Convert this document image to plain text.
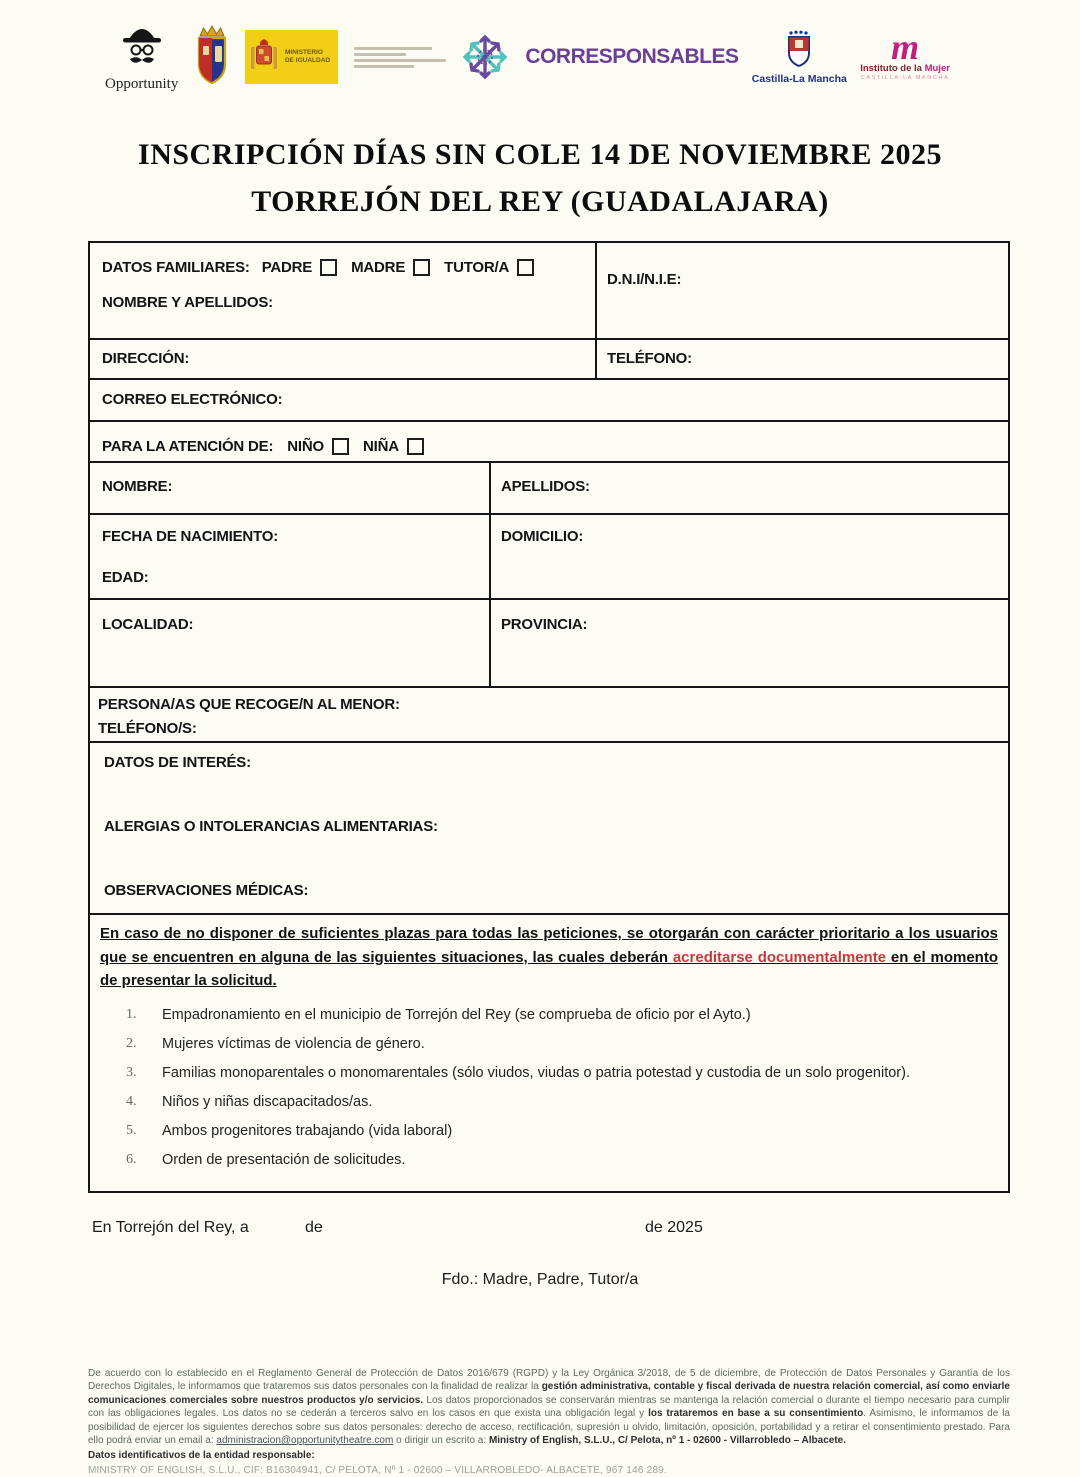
Opportunity
MINISTERIO
DE IGUALDAD	CORRESPONSABLES
Castilla-La Mancha
m
Instituto de la Mujer
CASTILLA-LA MANCHA
INSCRIPCIÓN DÍAS SIN COLE 14 DE NOVIEMBRE 2025
TORREJÓN DEL REY (GUADALAJARA)
DATOS FAMILIARES: PADRE	MADRE	TUTOR/A
NOMBRE Y APELLIDOS:
D.N.I/N.I.E:
DIRECCIÓN:	TELÉFONO:
CORREO ELECTRÓNICO:
PARA LA ATENCIÓN DE: NIÑO	NIÑA
NOMBRE:	APELLIDOS:
FECHA DE NACIMIENTO:
EDAD:
DOMICILIO:
LOCALIDAD:	PROVINCIA:
PERSONA/AS QUE RECOGE/N AL MENOR:
TELÉFONO/S:
DATOS DE INTERÉS:
ALERGIAS O INTOLERANCIAS ALIMENTARIAS:
OBSERVACIONES MÉDICAS:

En caso de no disponer de suficientes plazas para todas las peticiones, se otorgarán con carácter prioritario a los usuarios que se encuentren en alguna de las siguientes situaciones, las cuales deberán acreditarse documentalmente en el momento de presentar la solicitud.

1.	Empadronamiento en el municipio de Torrejón del Rey (se comprueba de oficio por el Ayto.)
2.	Mujeres víctimas de violencia de género.
3.	Familias monoparentales o monomarentales (sólo viudos, viudas o patria potestad y custodia de un solo progenitor).
4.	Niños y niñas discapacitados/as.
5.	Ambos progenitores trabajando (vida laboral)
6.	Orden de presentación de solicitudes.
En Torrejón del Rey, a	de	de 2025
Fdo.: Madre, Padre, Tutor/a
De acuerdo con lo establecido en el Reglamento General de Protección de Datos 2016/679 (RGPD) y la Ley Orgánica 3/2018, de 5 de diciembre, de Protección de Datos Personales y Garantía de los Derechos Digitales, le informamos que trataremos sus datos personales con la finalidad de realizar la gestión administrativa, contable y fiscal derivada de nuestra relación comercial, así como enviarle comunicaciones comerciales sobre nuestros productos y/o servicios. Los datos proporcionados se conservarán mientras se mantenga la relación comercial o durante el tiempo necesario para cumplir con las obligaciones legales. Los datos no se cederán a terceros salvo en los casos en que exista una obligación legal y los trataremos en base a su consentimiento. Asimismo, le informamos de la posibilidad de ejercer los siguientes derechos sobre sus datos personales: derecho de acceso, rectificación, supresión u olvido, limitación, oposición, portabilidad y a retirar el consentimiento prestado. Para ello podrá enviar un email a: administracion@opportunitytheatre.com o dirigir un escrito a: Ministry of English, S.L.U., C/ Pelota, nº 1 - 02600 - Villarrobledo – Albacete.
Datos identificativos de la entidad responsable:
MINISTRY OF ENGLISH, S.L.U., CIF: B16304941, C/ PELOTA, Nº 1 - 02600 – VILLARROBLEDO- ALBACETE, 967 146 289.
